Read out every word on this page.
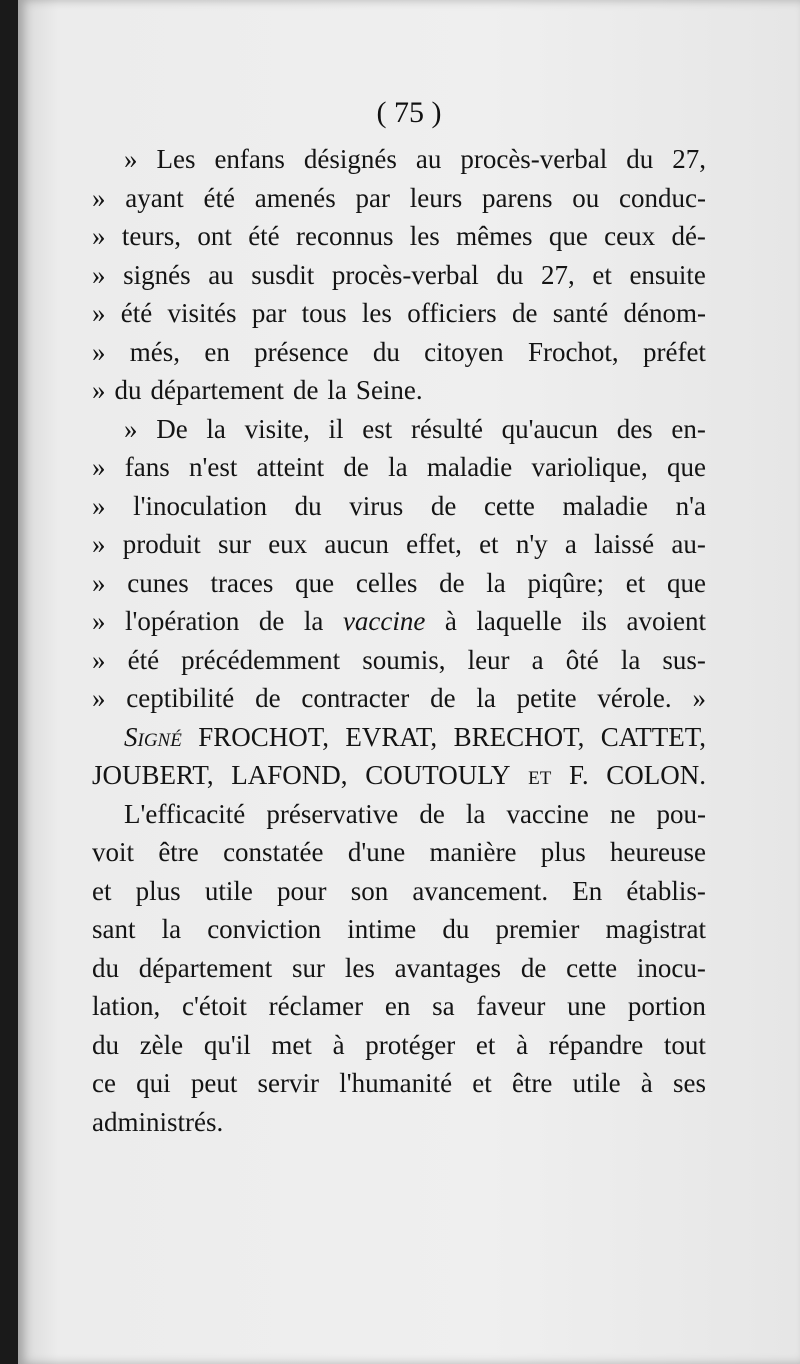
( 75 )
» Les enfans désignés au procès-verbal du 27,
» ayant été amenés par leurs parens ou conduc-
» teurs, ont été reconnus les mêmes que ceux dé-
» signés au susdit procès-verbal du 27, et ensuite
» été visités par tous les officiers de santé dénom-
» més, en présence du citoyen Frochot, préfet
» du département de la Seine.
» De la visite, il est résulté qu'aucun des en-
» fans n'est atteint de la maladie variolique, que
» l'inoculation du virus de cette maladie n'a
» produit sur eux aucun effet, et n'y a laissé au-
» cunes traces que celles de la piqûre; et que
» l'opération de la vaccine à laquelle ils avoient
» été précédemment soumis, leur a ôté la sus-
» ceptibilité de contracter de la petite vérole. »
Signé FROCHOT, EVRAT, BRECHOT, CATTET,
JOUBERT, LAFOND, COUTOULY et F. COLON.
L'efficacité préservative de la vaccine ne pou-
voit être constatée d'une manière plus heureuse
et plus utile pour son avancement. En établis-
sant la conviction intime du premier magistrat
du département sur les avantages de cette inocu-
lation, c'étoit réclamer en sa faveur une portion
du zèle qu'il met à protéger et à répandre tout
ce qui peut servir l'humanité et être utile à ses
administrés.
